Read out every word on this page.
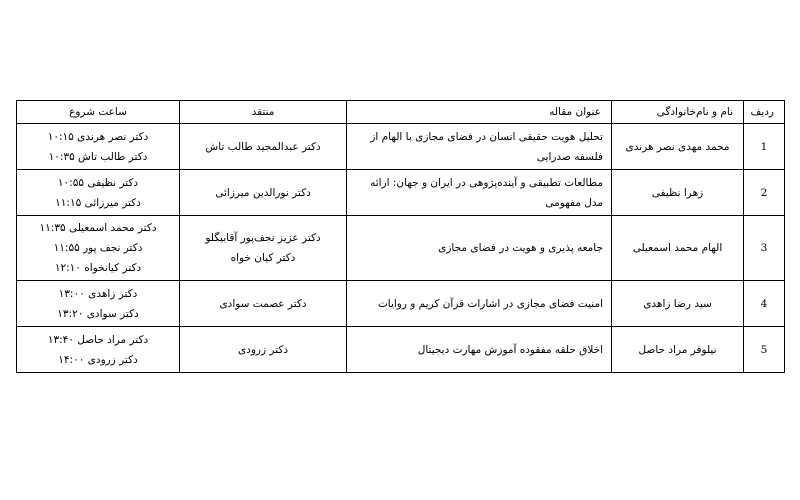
ردیف	نام و نام‌خانوادگی	عنوان مقاله	منتقد	ساعت شروع
1	محمد مهدی نصر هرندی	تحلیل هویت حقیقی انسان در فضای مجازی با الهام از فلسفه صدرایی	دکتر عبدالمجید طالب تاش	دکتر نصر هرندی ۱۰:۱۵
دکتر طالب تاش ۱۰:۳۵

2	زهرا نظیفی	مطالعات تطبیقی و آینده‌پژوهی در ایران و جهان: ارائه مدل مفهومی	دکتر نورالدین میرزائی	دکتر نظیفی ۱۰:۵۵
دکتر میرزائی ۱۱:۱۵

3	الهام محمد اسمعیلی	جامعه پذیری و هویت در فضای مجازی	دکتر عزیز نجف‌پور آقابیگلو
دکتر کیان خواه	دکتر محمد اسمعیلی ۱۱:۳۵
دکتر نجف پور ۱۱:۵۵
دکتر کیانخواه ۱۲:۱۰

4	سید رضا زاهدی	امنیت فضای مجازی در اشارات قرآن کریم و روایات	دکتر عصمت سوادی	دکتر زاهدی ۱۳:۰۰
دکتر سوادی ۱۳:۲۰

5	نیلوفر مراد حاصل	اخلاق حلقه مفقوده آموزش مهارت دیجیتال	دکتر زرودی	دکتر مراد حاصل ۱۳:۴۰
دکتر زرودی ۱۴:۰۰
